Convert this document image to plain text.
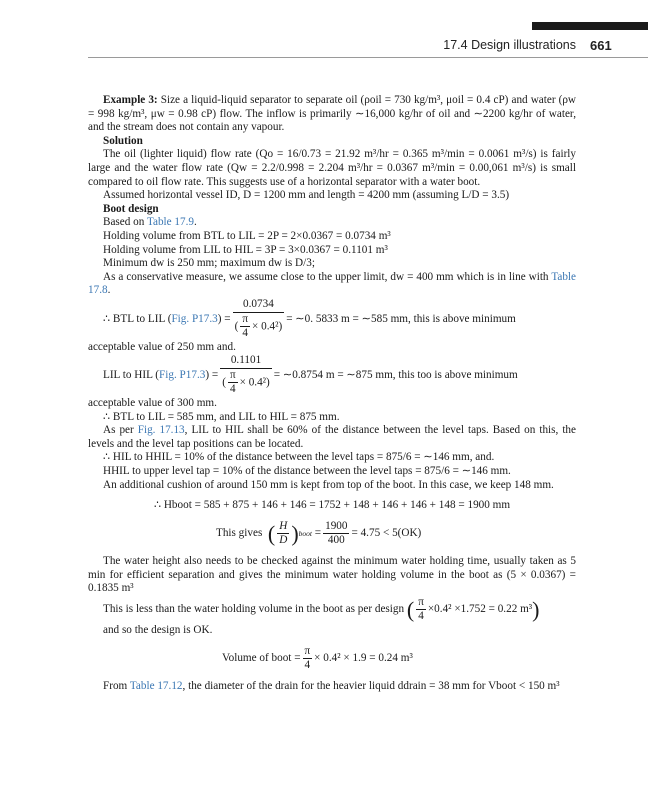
17.4 Design illustrations 661

Example 3: Size a liquid-liquid separator to separate oil (ρoil = 730 kg/m³, μoil = 0.4 cP) and water (ρw = 998 kg/m³, μw = 0.98 cP) flow. The inflow is primarily ∼16,000 kg/hr of oil and ∼2200 kg/hr of water, and the stream does not contain any vapour.

Solution

The oil (lighter liquid) flow rate (Qo = 16/0.73 = 21.92 m³/hr = 0.365 m³/min = 0.0061 m³/s) is fairly large and the water flow rate (Qw = 2.2/0.998 = 2.204 m³/hr = 0.0367 m³/min = 0.00,061 m³/s) is small compared to oil flow rate. This suggests use of a horizontal separator with a water boot.

Assumed horizontal vessel ID, D = 1200 mm and length = 4200 mm (assuming L/D = 3.5)

Boot design

Based on Table 17.9.

Holding volume from BTL to LIL = 2P = 2×0.0367 = 0.0734 m³

Holding volume from LIL to HIL = 3P = 3×0.0367 = 0.1101 m³

Minimum dw is 250 mm; maximum dw is D/3;

As a conservative measure, we assume close to the upper limit, dw = 400 mm which is in line with Table 17.8.

∴ BTL to LIL ( Fig. P17.3 ) = $\frac{0.0734}{( \frac{\pi}{4} \times 0.4^2)}$ = ∼0. 5833 m = ∼585 mm, this is above minimum

acceptable value of 250 mm and.

LIL to HIL ( Fig. P17.3 ) = $\frac{0.1101}{( \frac{\pi}{4} \times 0.4^2)}$ = ∼0.8754 m = ∼875 mm, this too is above minimum

acceptable value of 300 mm.

∴ BTL to LIL = 585 mm, and LIL to HIL = 875 mm.

As per Fig. 17.13, LIL to HIL shall be 60% of the distance between the level taps. Based on this, the levels and the level tap positions can be located.

∴ HIL to HHIL = 10% of the distance between the level taps = 875/6 = ∼146 mm, and.

HHIL to upper level tap = 10% of the distance between the level taps = 875/6 = ∼146 mm.

An additional cushion of around 150 mm is kept from top of the boot. In this case, we keep 148 mm.

∴ Hboot = 585 + 875 + 146 + 146 = 1752 + 148 + 146 + 146 + 148 = 1900 mm

This gives
( $\frac{H}{D}$ ) boot = $\frac{1900}{400} = 4.75 < 5(OK)$

The water height also needs to be checked against the minimum water holding time, usually taken as 5 min for efficient separation and gives the minimum water holding volume in the boot as (5 × 0.0367) = 0.1835 m³

This is less than the water holding volume in the boot as per design
( $\frac{\pi}{4} \times 0.4^2 \times 1.752 = 0.22$ m³ )

and so the design is OK.

Volume of boot = $\frac{\pi}{4} \times 0.4^2 \times 1.9 = 0.24$ m³

From Table 17.12, the diameter of the drain for the heavier liquid ddrain = 38 mm for Vboot < 150 m³
